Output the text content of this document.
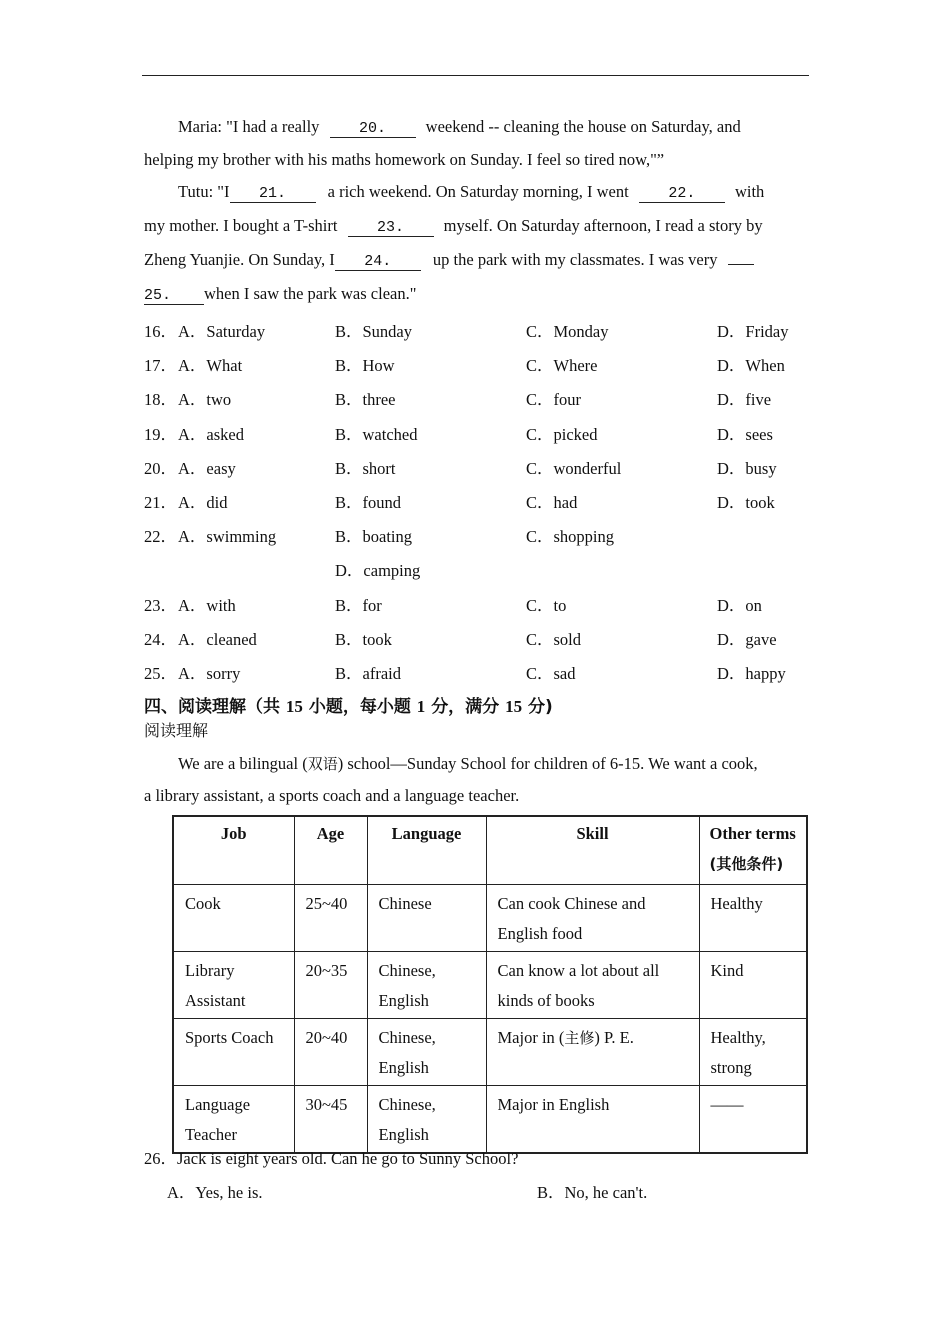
Maria: "I had a really	20. weekend -- cleaning the house on Saturday, and
helping my brother with his maths homework on Sunday. I feel so tired now,"”
Tutu: "I 21.	a rich weekend. On Saturday morning, I went	22. with
my mother. I bought a T-shirt	23. myself. On Saturday afternoon, I read a story by
Zheng Yuanjie. On Sunday, I 24.	up the park with my classmates. I was very
25. when I saw the park was clean."
16． A．Saturday	B．Sunday	C．Monday	D．Friday
17． A．What	B．How	C．Where	D．When
18． A．two	B．three	C．four	D．five
19． A．asked	B．watched	C．picked	D．sees
20． A．easy	B．short	C．wonderful	D．busy
21． A．did	B．found	C．had	D．took
22． A．swimming	B．boating	C．shopping
D．camping
23． A．with	B．for	C．to	D．on
24． A．cleaned	B．took	C．sold	D．gave
25． A．sorry	B．afraid	C．sad	D．happy
四、阅读理解（共 15 小题，每小题 1 分，满分 15 分)
阅读理解
We are a bilingual (双语) school—Sunday School for children of 6-15. We want a cook,
a library assistant, a sports coach and a language teacher.
Job	Age	Language	Skill	Other terms
(其他条件)

Cook	25~40	Chinese	Can cook Chinese and English food	Healthy
Library Assistant	20~35	Chinese, English	Can know a lot about all kinds of books	Kind
Sports Coach	20~40	Chinese, English	Major in (主修) P. E.	Healthy, strong
Language Teacher	30~45	Chinese, English	Major in English	——
26．Jack is eight years old. Can he go to Sunny School?
A．Yes, he is.	B．No, he can't.
